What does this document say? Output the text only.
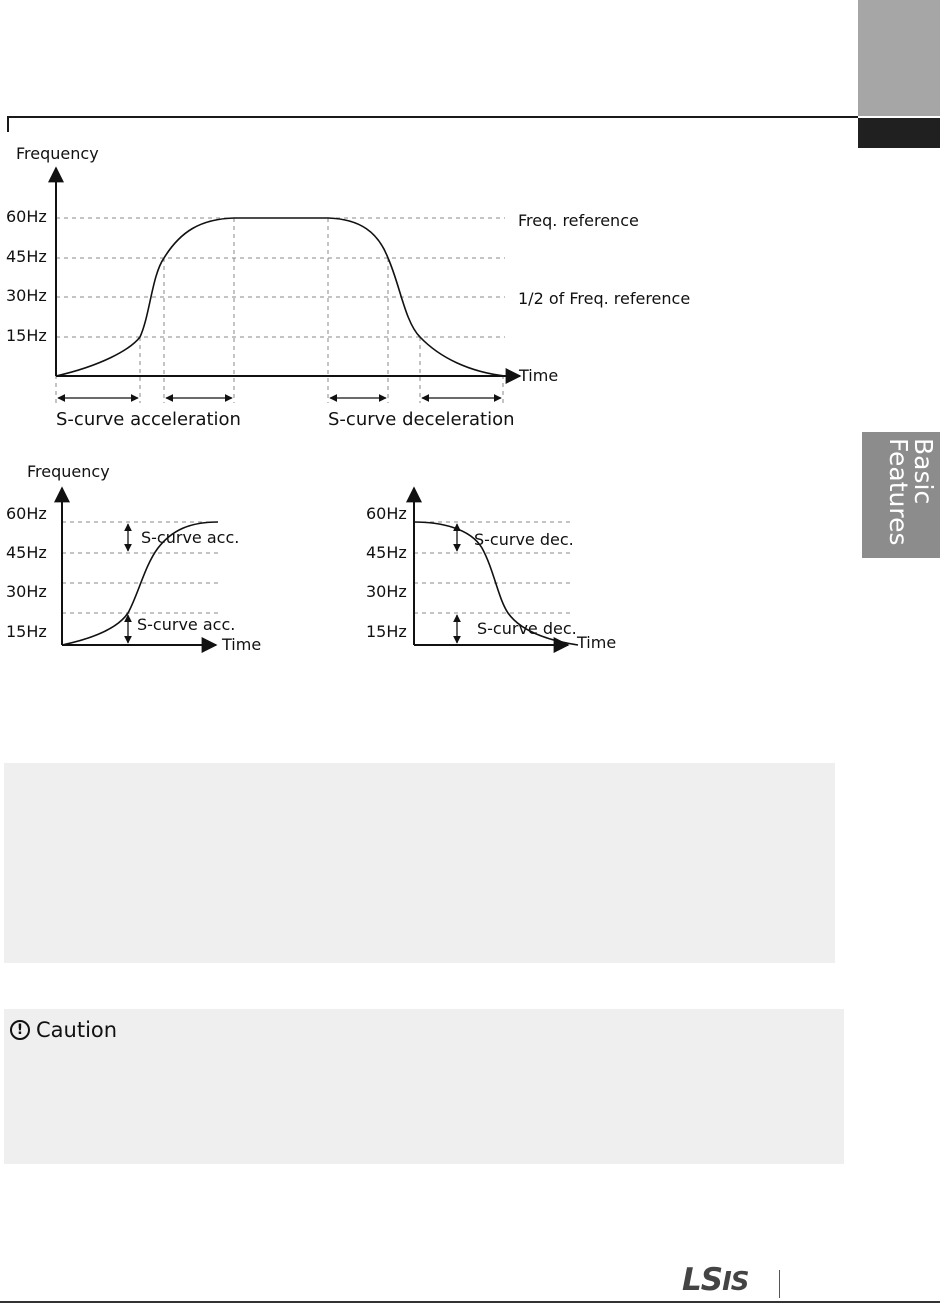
Basic
Features
Frequency
60Hz
45Hz
30Hz
15Hz
Freq. reference
1/2 of Freq. reference
Time
S-curve acceleration	S-curve deceleration
Frequency
60Hz
45Hz
30Hz
15Hz
S-curve acc.
S-curve acc.
Time
60Hz
45Hz
30Hz
15Hz
S-curve dec.
S-curve dec.
Time
! Caution
LSIS
